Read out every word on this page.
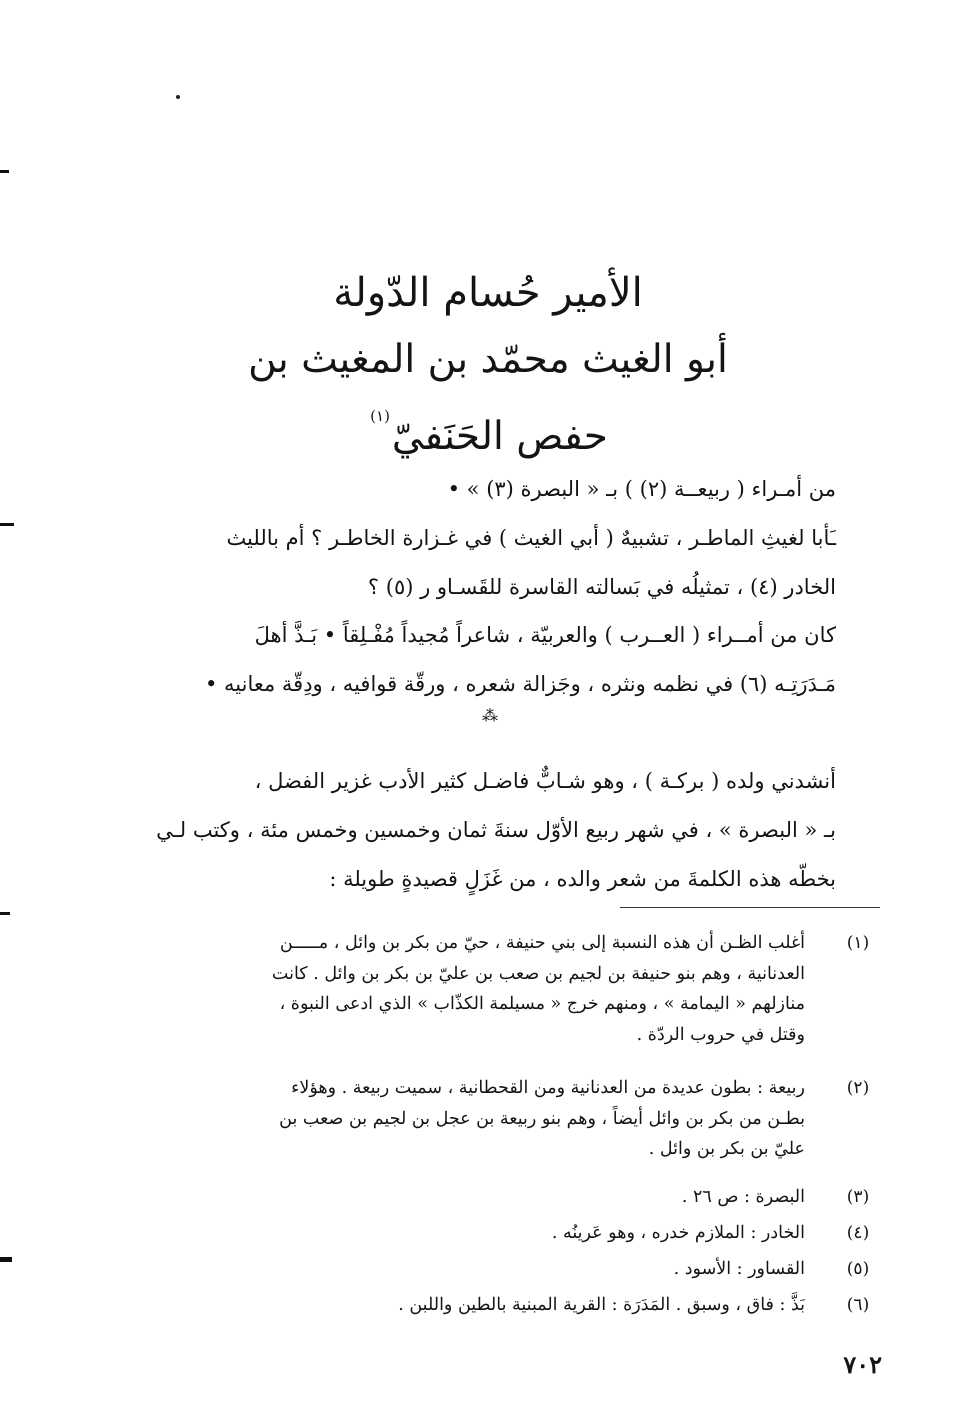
الأمير حُسام الدّولة
أبو الغيث محمّد بن المغيث بن حفص الحَنَفيّ$^{(١)}$
من أمـراء ( ربيعــة (٢) ) بـ « البصرة (٣) » •
ـَأبا لغيثِ الماطـر ، تشبيهٌ ( أبي الغيث ) في غـزارة الخاطـر ؟ أم بالليث
الخادر (٤) ، تمثيلُه في بَسالته القاسرة للقَسـاو ر (٥) ؟
كان من أمــراء ( العــرب ) والعربيّة ، شاعراً مُجيداً مُفْـلِقاً • بَـذَّ أهلَ
مَـدَرَتِـه (٦) في نظمه ونثره ، وجَزالة شعره ، ورقّة قوافيه ، ودِقّة معانيه •
⁂
أنشدني ولده ( بركـة ) ، وهو شـابٌّ فاضـل كثير الأدب غزير الفضل ،
بـ « البصرة » ، في شهر ربيع الأوّل سنةَ ثمان وخمسين وخمس مئة ، وكتب لـي
بخطّه هذه الكلمةَ من شعر والده ، من غَزَلٍ قصيدةٍ طويلة :
(١)
أغلب الظـن أن هذه النسبة إلى بني حنيفة ، حيّ من بكر بن وائل ، مـــــن
العدنانية ، وهم بنو حنيفة بن لجيم بن صعب بن عليّ بن بكر بن وائل . كانت
منازلهم « اليمامة » ، ومنهم خرج « مسيلمة الكذّاب » الذي ادعى النبوة ،
وقتل في حروب الردّة .
(٢)
ربيعة : بطون عديدة من العدنانية ومن القحطانية ، سميت ربيعة . وهؤلاء
بطـن من بكر بن وائل أيضاً ، وهم بنو ربيعة بن عجل بن لجيم بن صعب بن
عليّ بن بكر بن وائل .
(٣)
البصرة : ص ٢٦ .
(٤)
الخادر : الملازم خدره ، وهو عَرينُه .
(٥)
القساور : الأسود .
(٦)
بَذَّ : فاق ، وسبق . المَدَرَة : القرية المبنية بالطين واللبن .
٧٠٢
